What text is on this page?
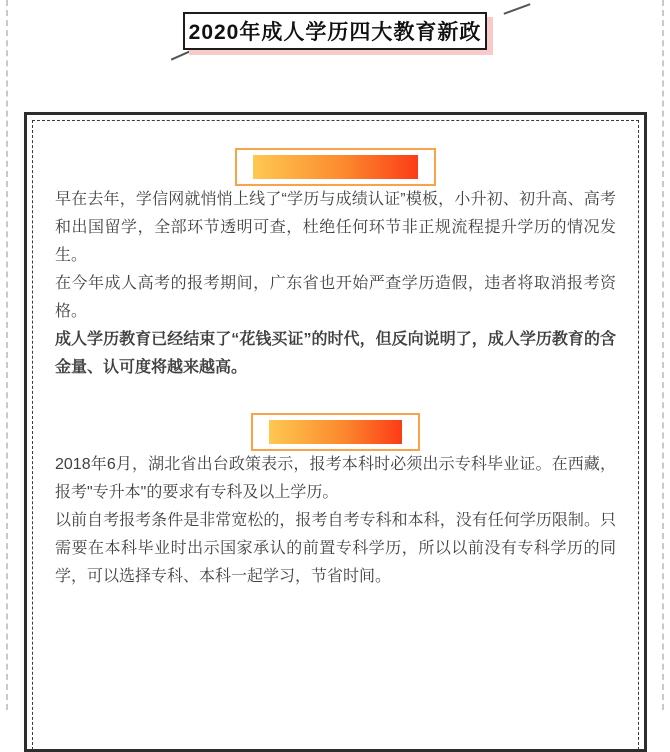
2020年成人学历四大教育新政

早在去年，学信网就悄悄上线了“学历与成绩认证”模板，小升初、初升高、高考和出国留学，全部环节透明可查，杜绝任何环节非正规流程提升学历的情况发生。

在今年成人高考的报考期间，广东省也开始严查学历造假，违者将取消报考资格。

成人学历教育已经结束了“花钱买证”的时代，但反向说明了，成人学历教育的含金量、认可度将越来越高。

2018年6月，湖北省出台政策表示，报考本科时必须出示专科毕业证。在西藏，报考"专升本"的要求有专科及以上学历。

以前自考报考条件是非常宽松的，报考自考专科和本科，没有任何学历限制。只需要在本科毕业时出示国家承认的前置专科学历，所以以前没有专科学历的同学，可以选择专科、本科一起学习，节省时间。
